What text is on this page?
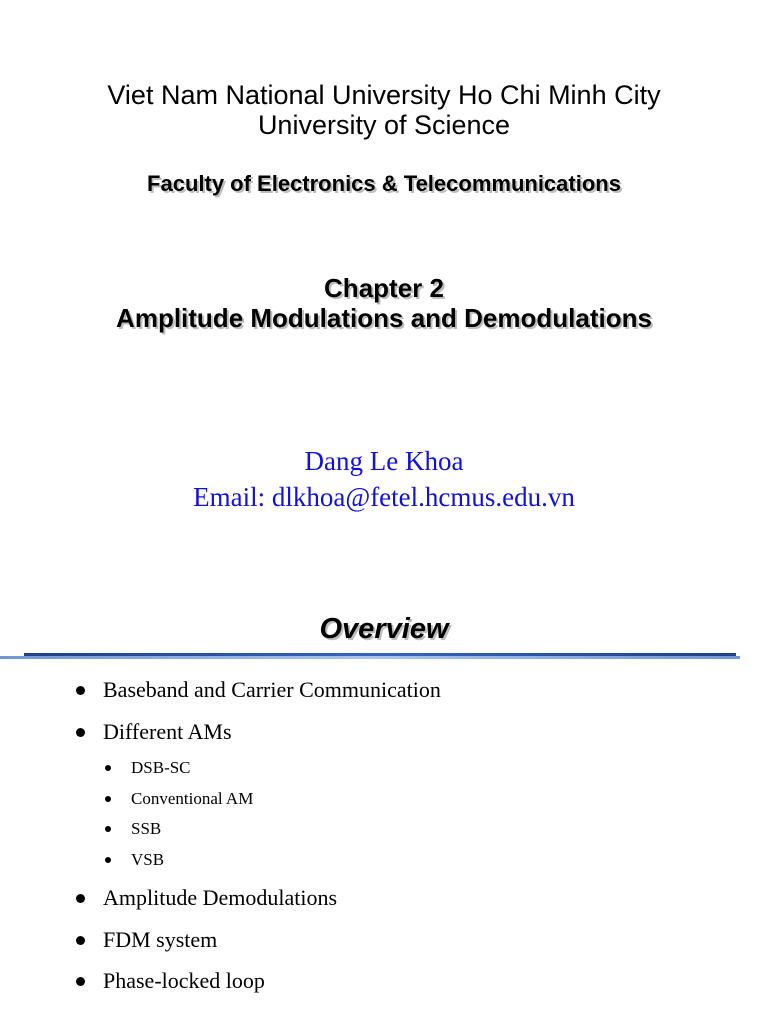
Viet Nam National University Ho Chi Minh City
University of Science
Faculty of Electronics & Telecommunications
Chapter 2
Amplitude Modulations and Demodulations
Dang Le Khoa
Email: dlkhoa@fetel.hcmus.edu.vn
Overview
Baseband and Carrier Communication
Different AMs
DSB-SC
Conventional AM
SSB
VSB
Amplitude Demodulations
FDM system
Phase-locked loop
